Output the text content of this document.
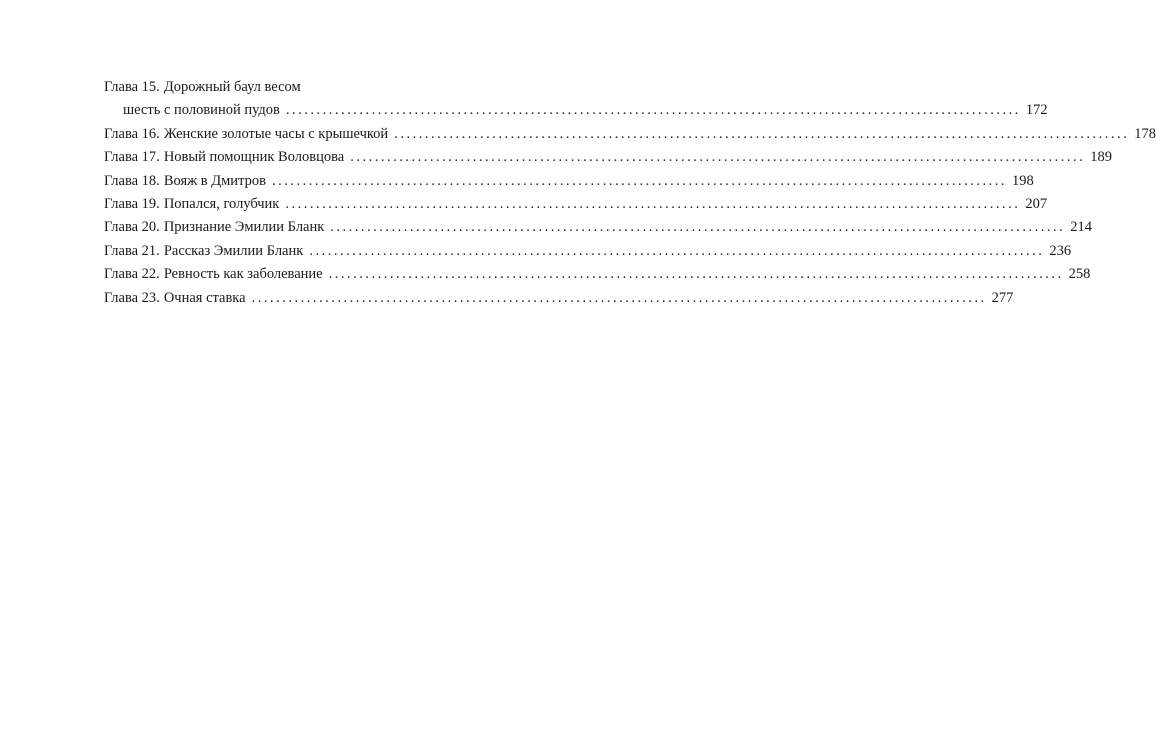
Глава 15. Дорожный баул весом
шесть с половиной пудов ........................................................................................................................ 172
Глава 16. Женские золотые часы с крышечкой ........................................................................................................................ 178
Глава 17. Новый помощник Воловцова ........................................................................................................................ 189
Глава 18. Вояж в Дмитров ........................................................................................................................ 198
Глава 19. Попался, голубчик ........................................................................................................................ 207
Глава 20. Признание Эмилии Бланк ........................................................................................................................ 214
Глава 21. Рассказ Эмилии Бланк ........................................................................................................................ 236
Глава 22. Ревность как заболевание ........................................................................................................................ 258
Глава 23. Очная ставка ........................................................................................................................ 277
